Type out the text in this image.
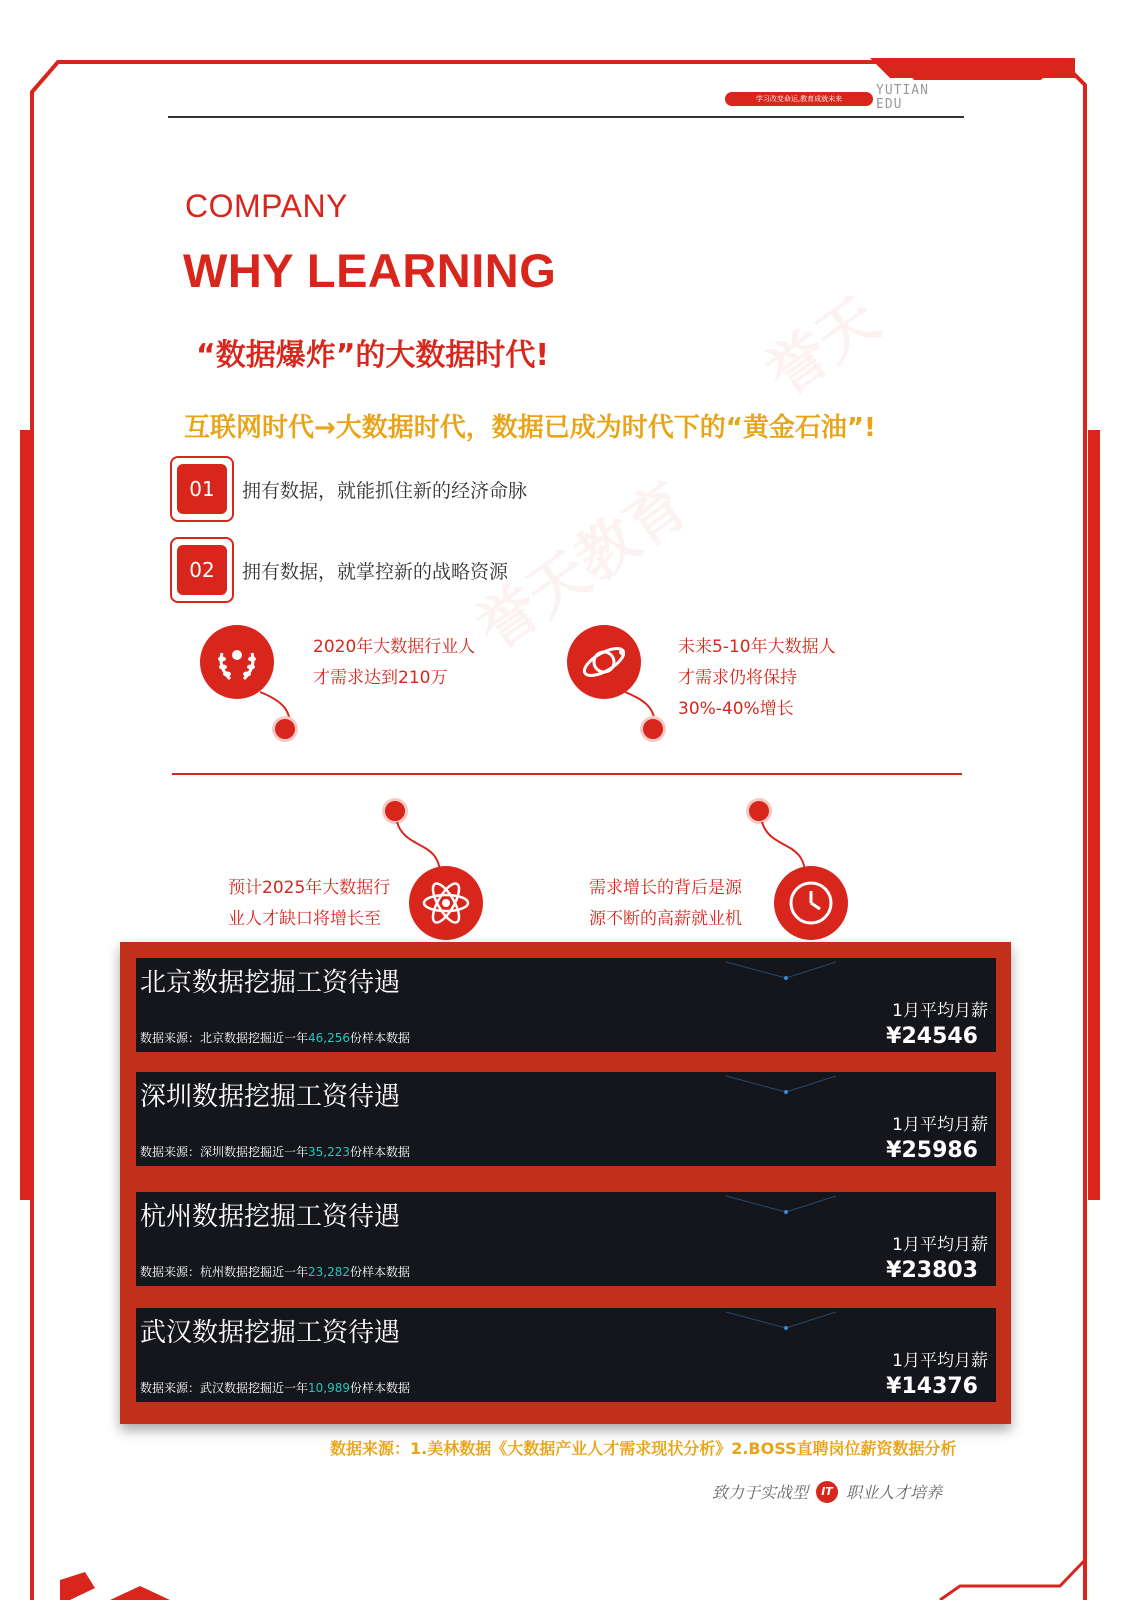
誉天教育
誉天
学习改变命运,教育成就未来
YUTIAN
EDU
COMPANY
WHY LEARNING
“数据爆炸”的大数据时代!
互联网时代→大数据时代，数据已成为时代下的“黄金石油”!
01	拥有数据，就能抓住新的经济命脉
02	拥有数据，就掌控新的战略资源
2020年大数据行业人
才需求达到210万
未来5-10年大数据人
才需求仍将保持
30%-40%增长
预计2025年大数据行
业人才缺口将增长至
需求增长的背后是源
源不断的高薪就业机
北京数据挖掘工资待遇
数据来源：北京数据挖掘近一年46,256份样本数据
1月平均月薪
¥24546
深圳数据挖掘工资待遇
数据来源：深圳数据挖掘近一年35,223份样本数据
1月平均月薪
¥25986
杭州数据挖掘工资待遇
数据来源：杭州数据挖掘近一年23,282份样本数据
1月平均月薪
¥23803
武汉数据挖掘工资待遇
数据来源：武汉数据挖掘近一年10,989份样本数据
1月平均月薪
¥14376
数据来源：1.美林数据《大数据产业人才需求现状分析》2.BOSS直聘岗位薪资数据分析
致力于实战型 IT 职业人才培养
